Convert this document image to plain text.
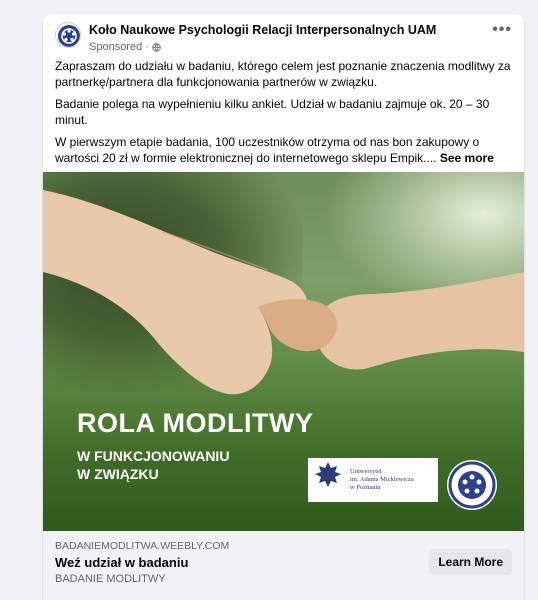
Koło Naukowe Psychologii Relacji Interpersonalnych UAM
Sponsored ·
•••

Zapraszam do udziału w badaniu, którego celem jest poznanie znaczenia modlitwy za partnerkę/partnera dla funkcjonowania partnerów w związku.

Badanie polega na wypełnieniu kilku ankiet. Udział w badaniu zajmuje ok. 20 – 30 minut.

W pierwszym etapie badania, 100 uczestników otrzyma od nas bon zakupowy o wartości 20 zł w formie elektronicznej do internetowego sklepu Empik.... See more

ROLA MODLITWY
W FUNKCJONOWANIU
W ZWIĄZKU	Uniwersytet
im. Adama Mickiewicza
w Poznaniu
BADANIEMODLITWA.WEEBLY.COM
Weź udział w badaniu
BADANIE MODLITWY
Learn More
